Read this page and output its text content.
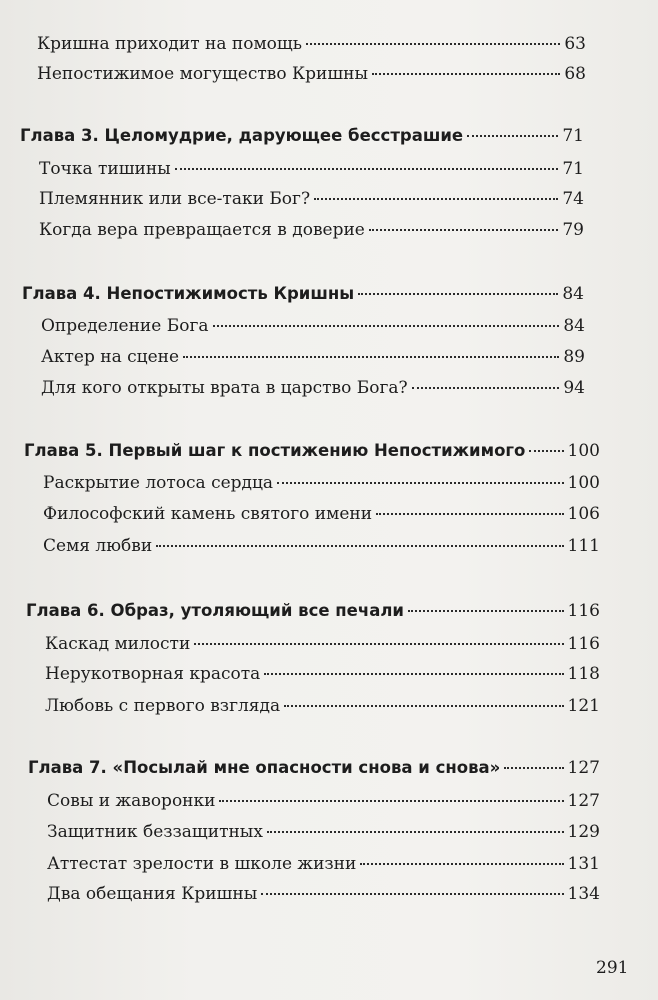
Кришна приходит на помощь	63
Непостижимое могущество Кришны	68
Глава 3. Целомудрие, дарующее бесстрашие	71
Точка тишины	71
Племянник или все-таки Бог?	74
Когда вера превращается в доверие	79
Глава 4. Непостижимость Кришны	84
Определение Бога	84
Актер на сцене	89
Для кого открыты врата в царство Бога?	94
Глава 5. Первый шаг к постижению Непостижимого 100
Раскрытие лотоса сердца	100
Философский камень святого имени	106
Семя любви	111
Глава 6. Образ, утоляющий все печали	116
Каскад милости	116
Нерукотворная красота	118
Любовь с первого взгляда	121
Глава 7. «Посылай мне опасности снова и снова»	127
Совы и жаворонки	127
Защитник беззащитных	129
Аттестат зрелости в школе жизни	131
Два обещания Кришны	134
291
